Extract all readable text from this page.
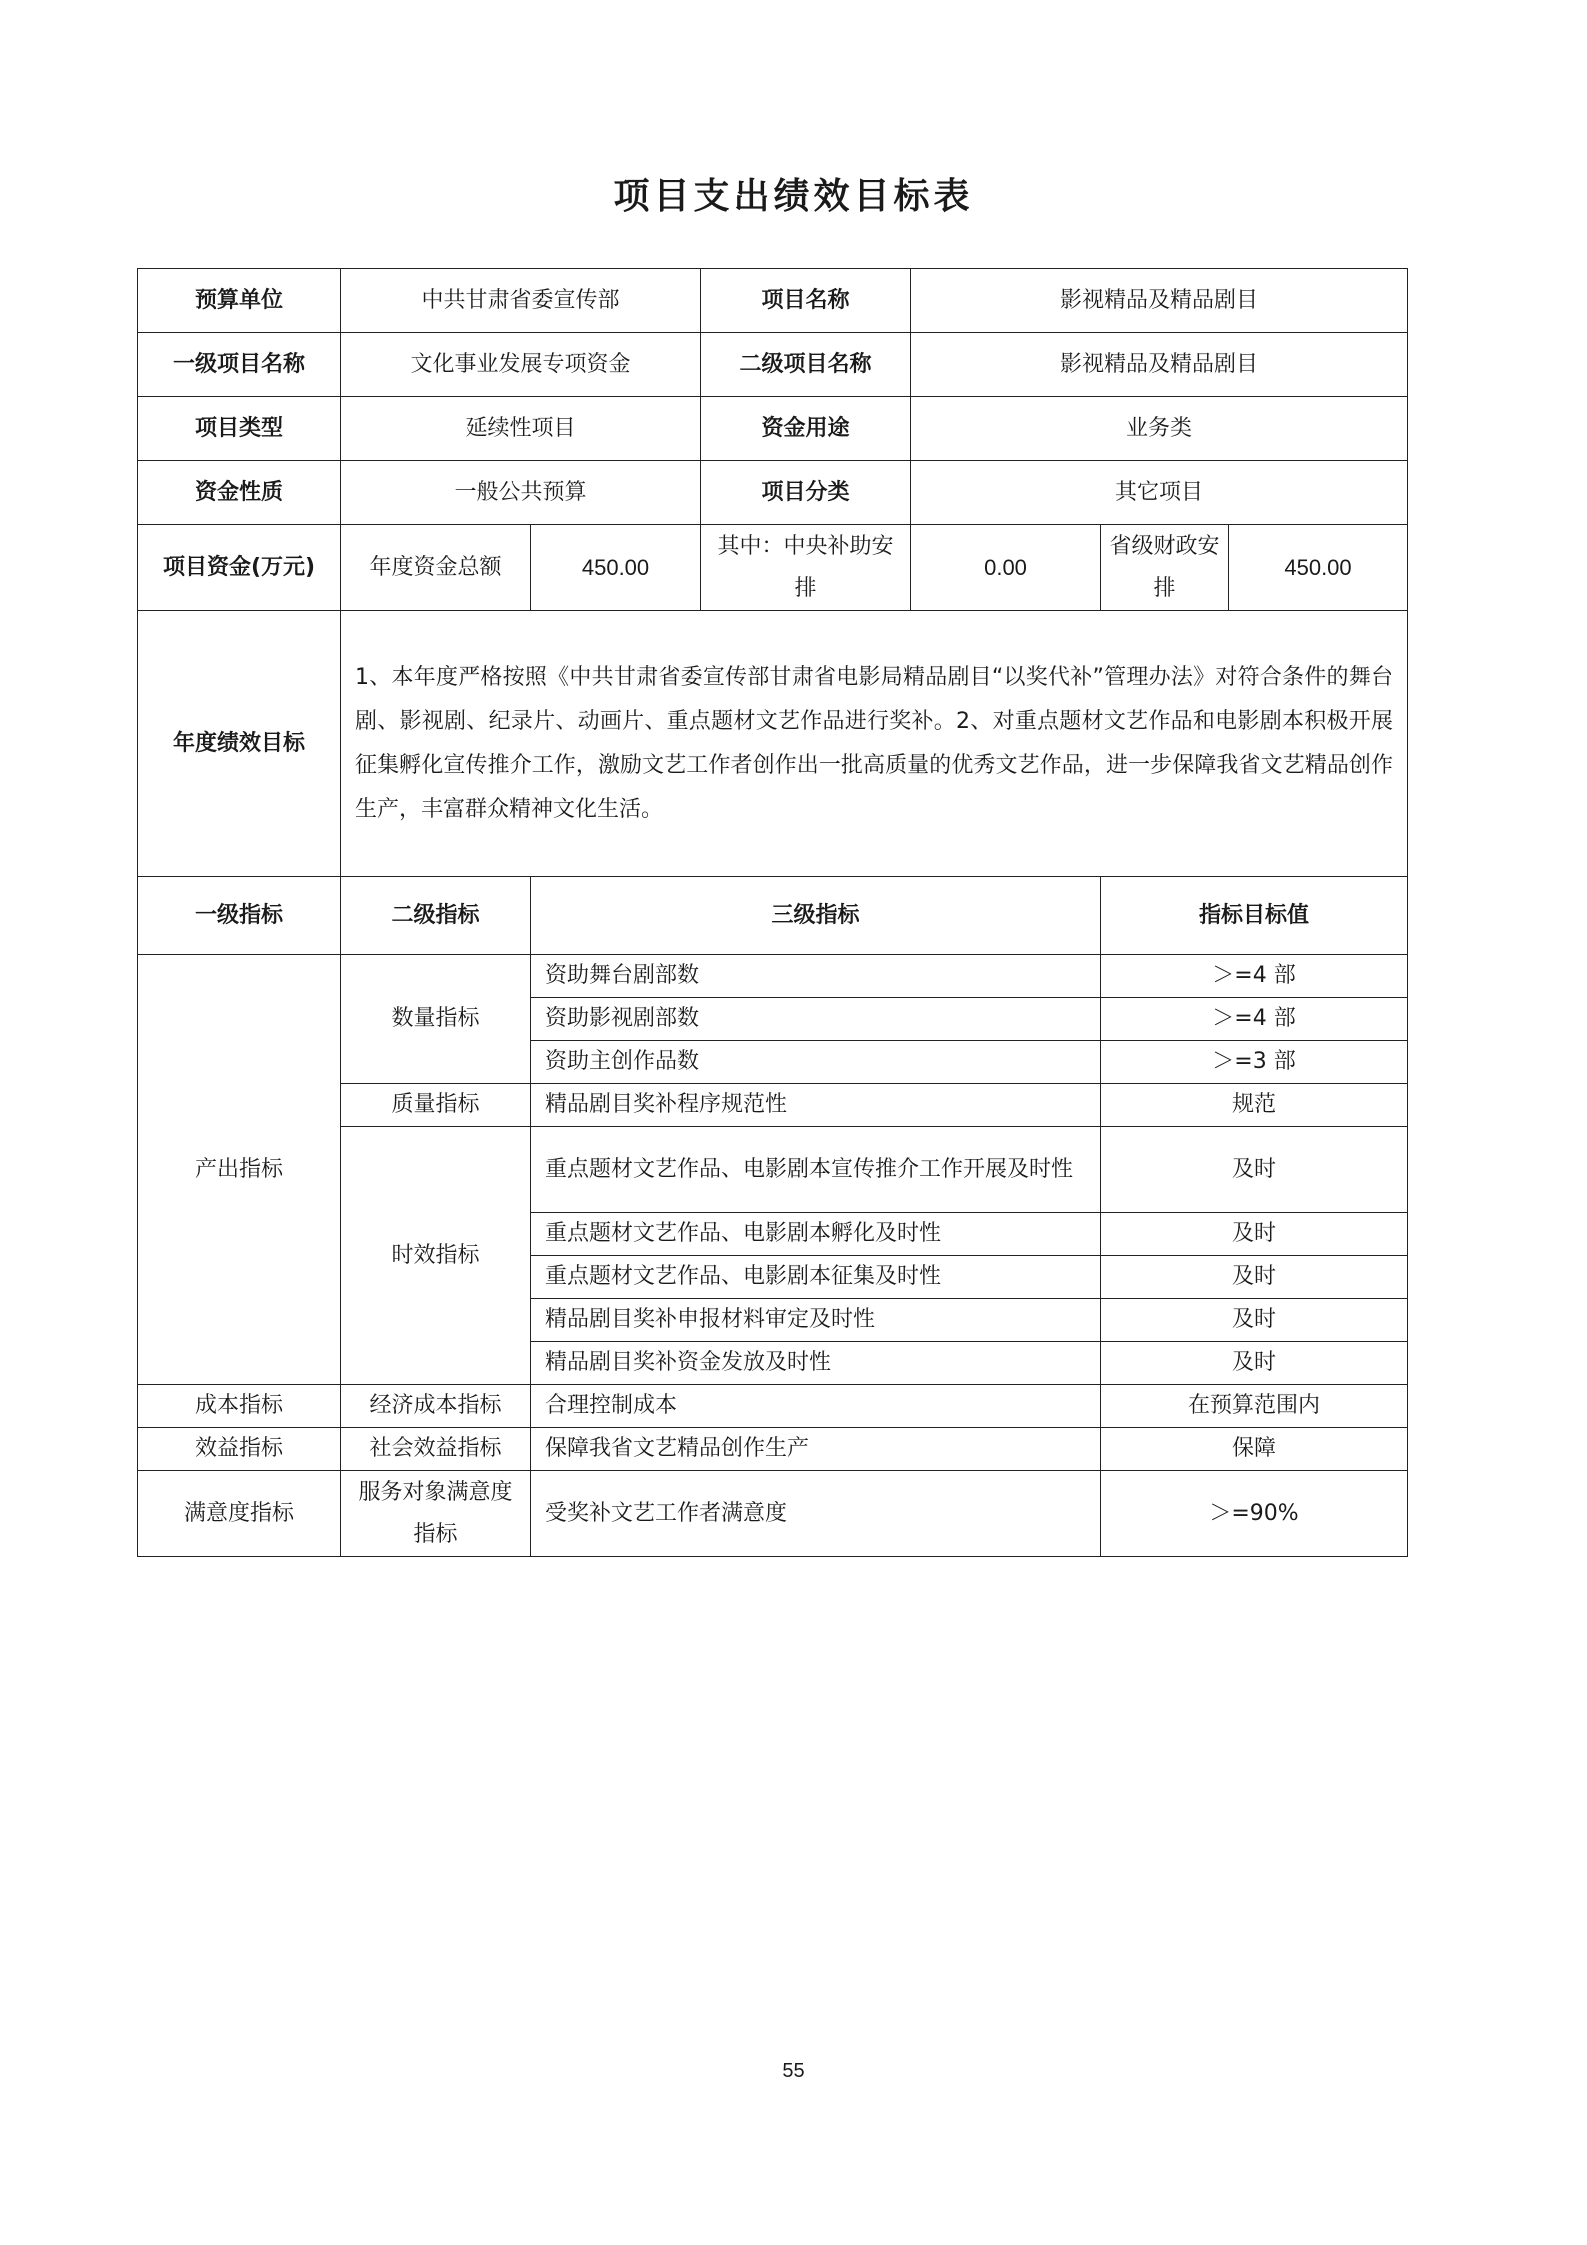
项目支出绩效目标表
预算单位	中共甘肃省委宣传部		项目名称	影视精品及精品剧目		
一级项目名称	文化事业发展专项资金		二级项目名称	影视精品及精品剧目		
项目类型	延续性项目		资金用途	业务类		
资金性质	一般公共预算		项目分类	其它项目		
项目资金(万元)	年度资金总额	450.00	其中：中央补助安排	0.00	省级财政安排	450.00
年度绩效目标	1、本年度严格按照《中共甘肃省委宣传部甘肃省电影局精品剧目“以奖代补”管理办法》对符合条件的舞台剧、影视剧、纪录片、动画片、重点题材文艺作品进行奖补。2、对重点题材文艺作品和电影剧本积极开展征集孵化宣传推介工作，激励文艺工作者创作出一批高质量的优秀文艺作品，进一步保障我省文艺精品创作生产，丰富群众精神文化生活。					
一级指标	二级指标	三级指标			指标目标值	
产出指标	数量指标	资助舞台剧部数			＞=4 部	
		资助影视剧部数			＞=4 部	
		资助主创作品数			＞=3 部	
	质量指标	精品剧目奖补程序规范性			规范	
	时效指标	重点题材文艺作品、电影剧本宣传推介工作开展及时性			及时	
		重点题材文艺作品、电影剧本孵化及时性			及时	
		重点题材文艺作品、电影剧本征集及时性			及时	
		精品剧目奖补申报材料审定及时性			及时	
		精品剧目奖补资金发放及时性			及时	
成本指标	经济成本指标	合理控制成本			在预算范围内	
效益指标	社会效益指标	保障我省文艺精品创作生产			保障	
满意度指标	服务对象满意度指标	受奖补文艺工作者满意度			＞=90%	
55
